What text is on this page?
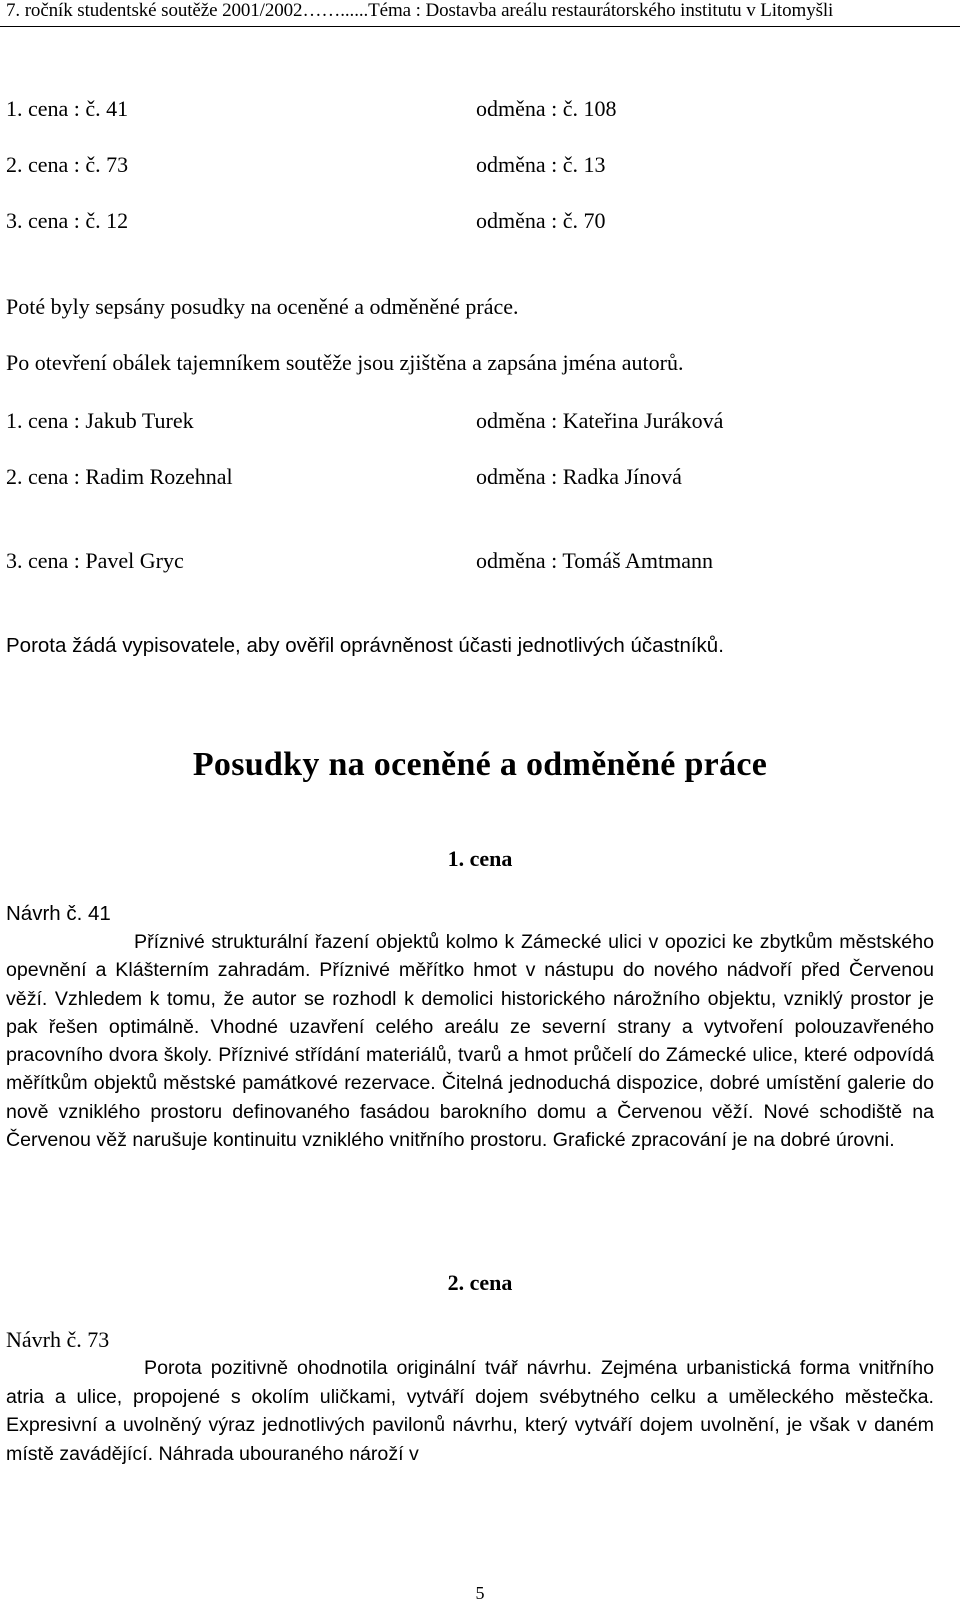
7. ročník studentské soutěže 2001/2002……......Téma : Dostavba areálu restaurátorského institutu v Litomyšli
1. cena : č. 41	odměna : č. 108
2. cena : č. 73	odměna : č. 13
3. cena : č. 12	odměna : č. 70
Poté byly sepsány posudky na oceněné a odměněné práce.
Po otevření obálek tajemníkem soutěže jsou zjištěna a zapsána jména autorů.
1. cena : Jakub Turek	odměna : Kateřina Juráková
2. cena : Radim Rozehnal	odměna : Radka Jínová
3. cena : Pavel Gryc	odměna : Tomáš Amtmann
Porota žádá vypisovatele, aby ověřil oprávněnost účasti jednotlivých účastníků.
Posudky na oceněné a odměněné práce
1. cena
Návrh č. 41

Příznivé strukturální řazení objektů kolmo k Zámecké ulici v opozici ke zbytkům městského opevnění a Klášterním zahradám. Příznivé měřítko hmot v nástupu do nového nádvoří před Červenou věží. Vzhledem k tomu, že autor se rozhodl k demolici historického nárožního objektu, vzniklý prostor je pak řešen optimálně. Vhodné uzavření celého areálu ze severní strany a vytvoření polouzavřeného pracovního dvora školy. Příznivé střídání materiálů, tvarů a hmot průčelí do Zámecké ulice, které odpovídá měřítkům objektů městské památkové rezervace. Čitelná jednoduchá dispozice, dobré umístění galerie do nově vzniklého prostoru definovaného fasádou barokního domu a Červenou věží. Nové schodiště na Červenou věž narušuje kontinuitu vzniklého vnitřního prostoru. Grafické zpracování je na dobré úrovni.

2. cena
Návrh č. 73

Porota pozitivně ohodnotila originální tvář návrhu. Zejména urbanistická forma vnitřního atria a ulice, propojené s okolím uličkami, vytváří dojem svébytného celku a uměleckého městečka. Expresivní a uvolněný výraz jednotlivých pavilonů návrhu, který vytváří dojem uvolnění, je však v daném místě zavádějící. Náhrada ubouraného nároží v

5
